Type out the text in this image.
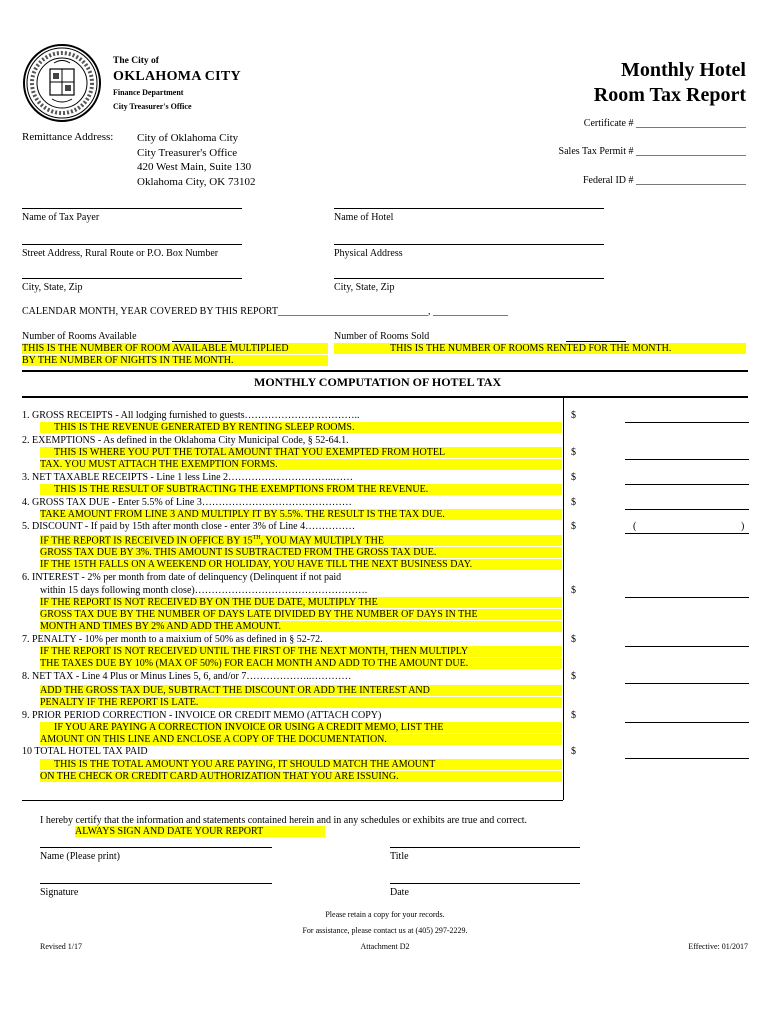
The City of
OKLAHOMA CITY
Finance Department
City Treasurer's Office
Monthly Hotel
Room Tax Report
Certificate # ______________________
Sales Tax Permit # ______________________
Federal ID # ______________________
Remittance Address: City of Oklahoma City
City Treasurer's Office
420 West Main, Suite 130
Oklahoma City, OK 73102
Name of Tax Payer	Name of Hotel
Street Address, Rural Route or P.O. Box Number	Physical Address
City, State, Zip	City, State, Zip
CALENDAR MONTH, YEAR COVERED BY THIS REPORT______________________________, _______________
Number of Rooms Available
THIS IS THE NUMBER OF ROOM AVAILABLE MULTIPLIED
BY THE NUMBER OF NIGHTS IN THE MONTH.
Number of Rooms Sold
THIS IS THE NUMBER OF ROOMS RENTED FOR THE MONTH.
MONTHLY COMPUTATION OF HOTEL TAX
1. GROSS RECEIPTS - All lodging furnished to guests……………………………..
THIS IS THE REVENUE GENERATED BY RENTING SLEEP ROOMS.
$
2. EXEMPTIONS - As defined in the Oklahoma City Municipal Code, § 52-64.1.
THIS IS WHERE YOU PUT THE TOTAL AMOUNT THAT YOU EXEMPTED FROM HOTEL
TAX. YOU MUST ATTACH THE EXEMPTION FORMS.
$
3. NET TAXABLE RECEIPTS - Line 1 less Line 2…………………………..……
THIS IS THE RESULT OF SUBTRACTING THE EXEMPTIONS FROM THE REVENUE.
$
4. GROSS TAX DUE - Enter 5.5% of Line 3………………………………………
TAKE AMOUNT FROM LINE 3 AND MULTIPLY IT BY 5.5%. THE RESULT IS THE TAX DUE.
$
5. DISCOUNT - If paid by 15th after month close - enter 3% of Line 4……………	$	(	)
IF THE REPORT IS RECEIVED IN OFFICE BY 15TH, YOU MAY MULTIPLY THE
GROSS TAX DUE BY 3%. THIS AMOUNT IS SUBTRACTED FROM THE GROSS TAX DUE.
IF THE 15TH FALLS ON A WEEKEND OR HOLIDAY, YOU HAVE TILL THE NEXT BUSINESS DAY.
6. INTEREST - 2% per month from date of delinquency (Delinquent if not paid
within 15 days following month close)…………………………………………….	$
IF THE REPORT IS NOT RECEIVED BY ON THE DUE DATE, MULTIPLY THE
GROSS TAX DUE BY THE NUMBER OF DAYS LATE DIVIDED BY THE NUMBER OF DAYS IN THE
MONTH AND TIMES BY 2% AND ADD THE AMOUNT.
7. PENALTY - 10% per month to a maixium of 50% as defined in § 52-72.	$
IF THE REPORT IS NOT RECEIVED UNTIL THE FIRST OF THE NEXT MONTH, THEN MULTIPLY
THE TAXES DUE BY 10% (MAX OF 50%) FOR EACH MONTH AND ADD TO THE AMOUNT DUE.
8. NET TAX - Line 4 Plus or Minus Lines 5, 6, and/or 7………………..…………	$
ADD THE GROSS TAX DUE, SUBTRACT THE DISCOUNT OR ADD THE INTEREST AND
PENALTY IF THE REPORT IS LATE.
9. PRIOR PERIOD CORRECTION - INVOICE OR CREDIT MEMO (ATTACH COPY)	$
IF YOU ARE PAYING A CORRECTION INVOICE OR USING A CREDIT MEMO, LIST THE
AMOUNT ON THIS LINE AND ENCLOSE A COPY OF THE DOCUMENTATION.
10 TOTAL HOTEL TAX PAID	$
THIS IS THE TOTAL AMOUNT YOU ARE PAYING, IT SHOULD MATCH THE AMOUNT
ON THE CHECK OR CREDIT CARD AUTHORIZATION THAT YOU ARE ISSUING.
I hereby certify that the information and statements contained herein and in any schedules or exhibits are true and correct.
ALWAYS SIGN AND DATE YOUR REPORT
Name (Please print)	Title
Signature	Date
Please retain a copy for your records.
For assistance, please contact us at (405) 297-2229.
Revised 1/17	Attachment D2	Effective: 01/2017
